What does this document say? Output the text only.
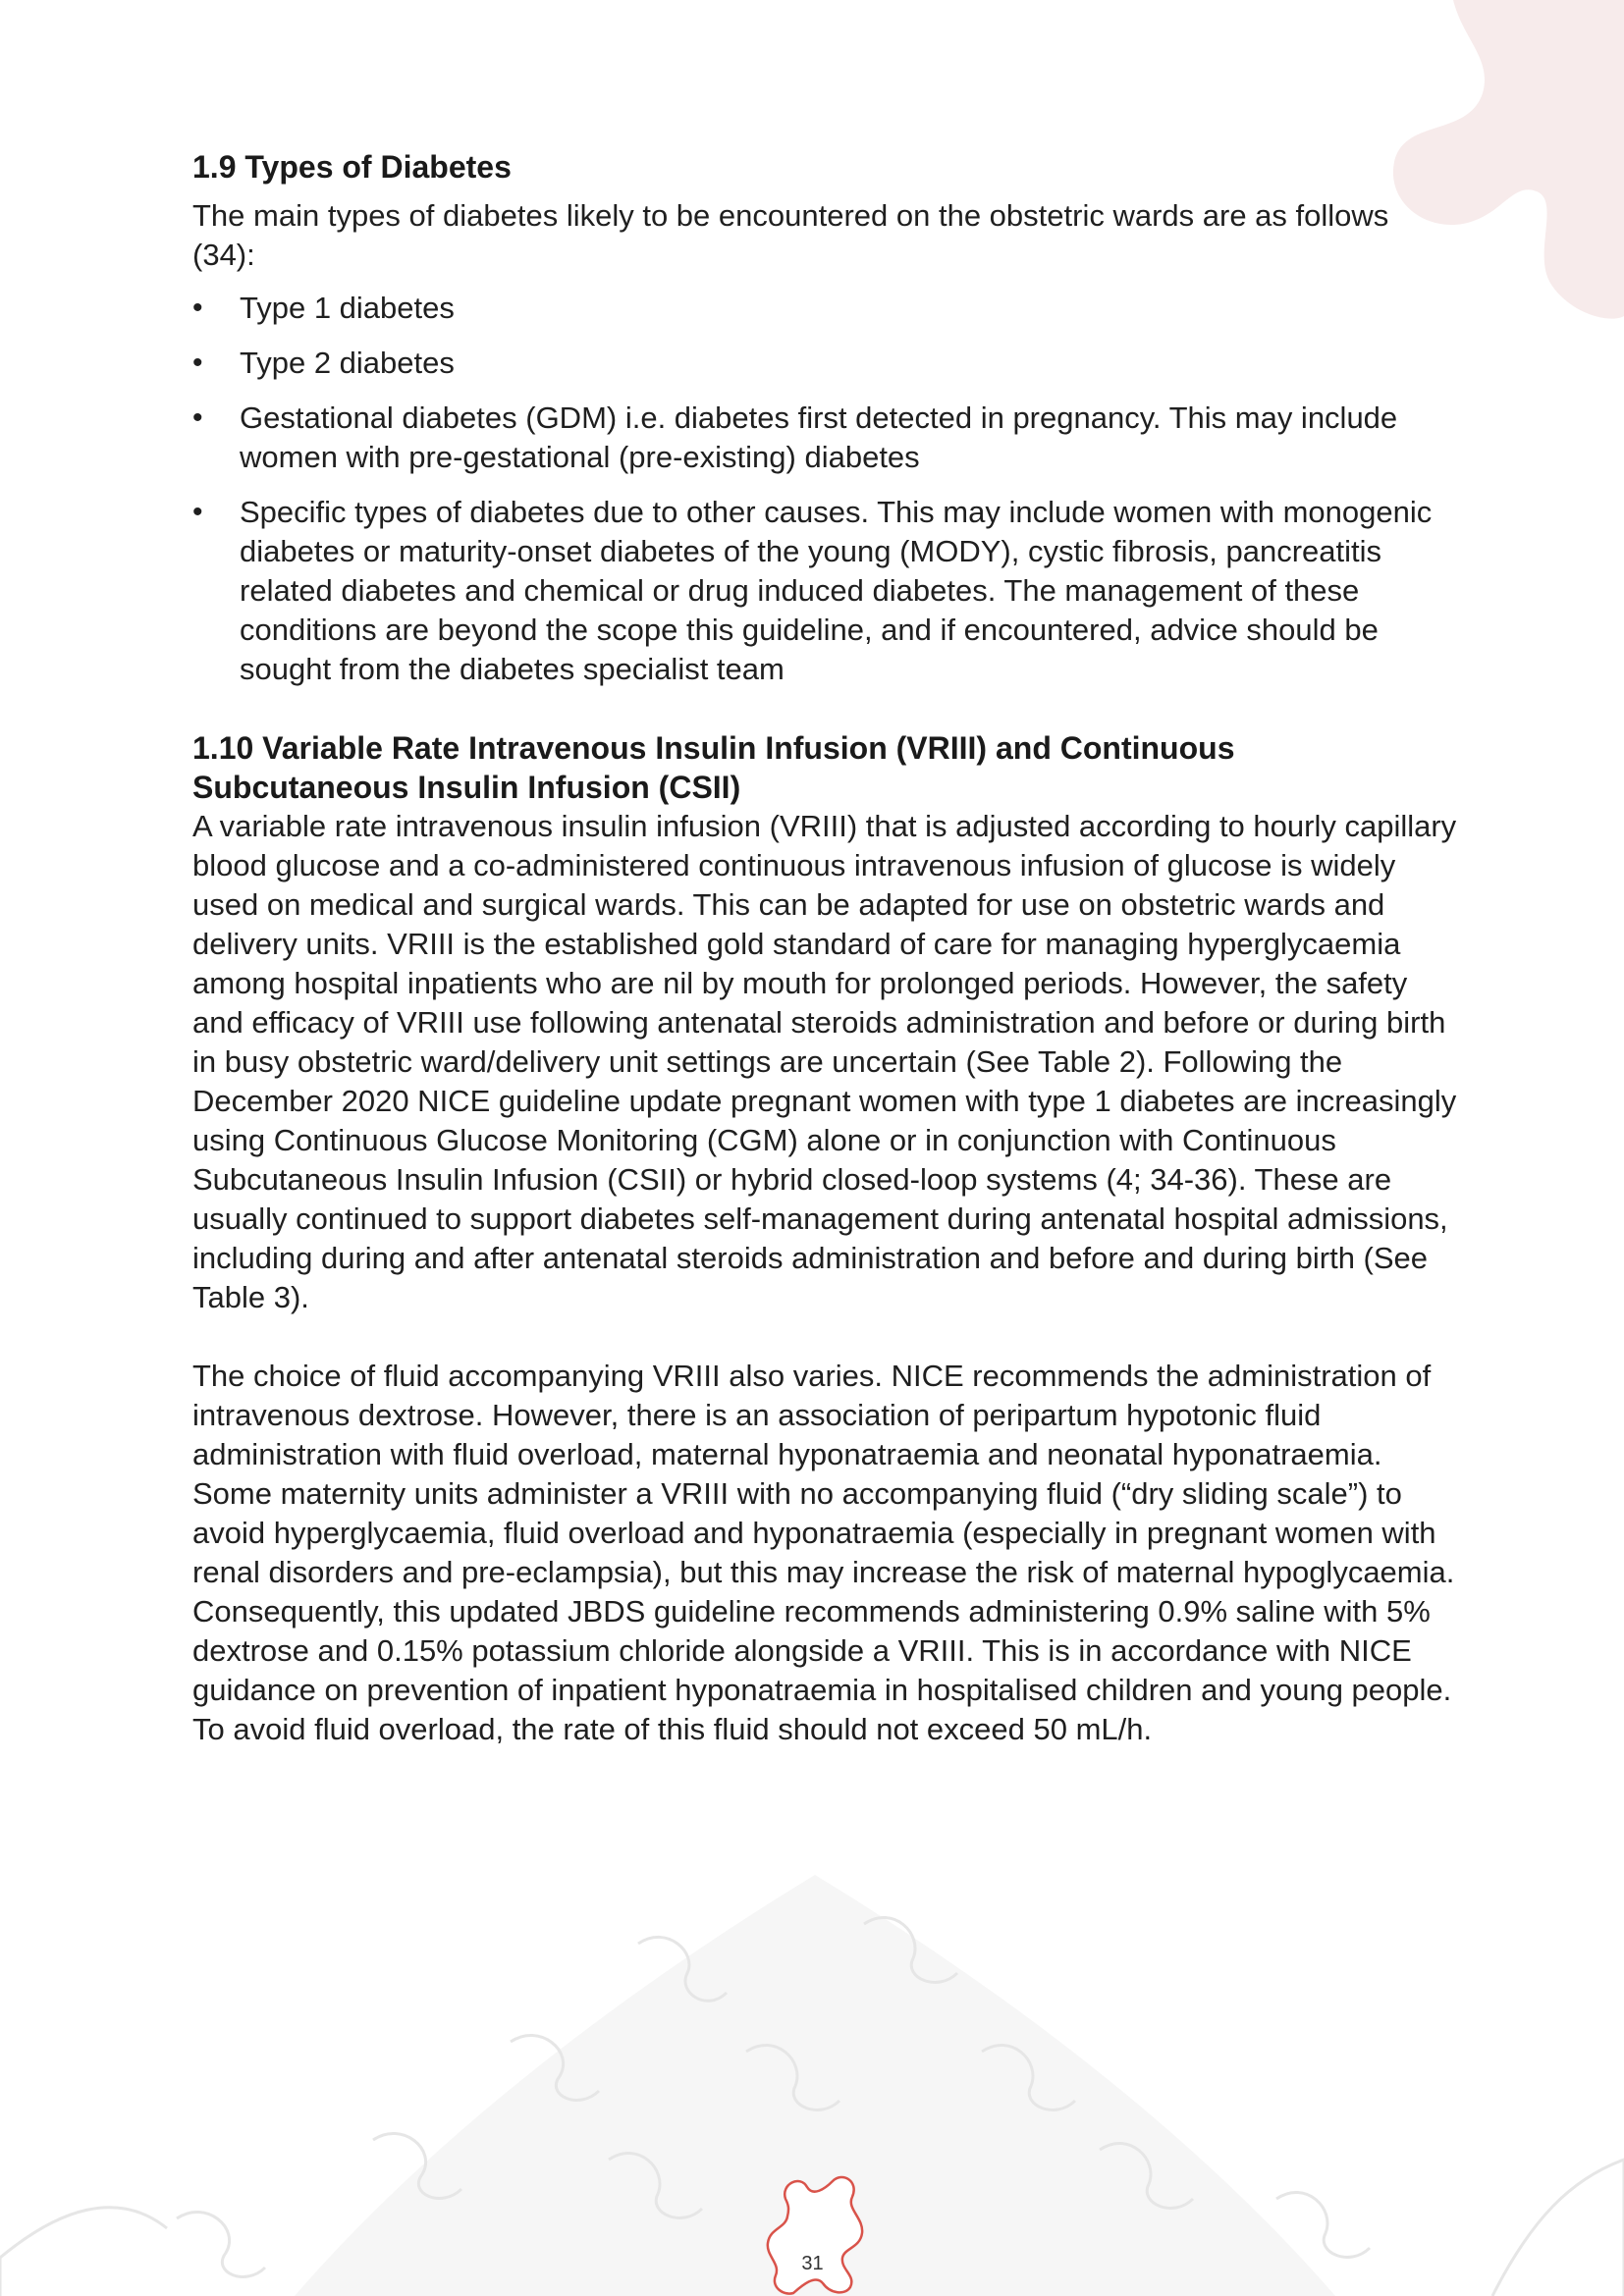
1.9 Types of Diabetes

The main types of diabetes likely to be encountered on the obstetric wards are as follows (34):

• Type 1 diabetes
• Type 2 diabetes
• Gestational diabetes (GDM) i.e. diabetes first detected in pregnancy. This may include women with pre-gestational (pre-existing) diabetes
• Specific types of diabetes due to other causes. This may include women with monogenic diabetes or maturity-onset diabetes of the young (MODY), cystic fibrosis, pancreatitis related diabetes and chemical or drug induced diabetes. The management of these conditions are beyond the scope this guideline, and if encountered, advice should be sought from the diabetes specialist team
1.10 Variable Rate Intravenous Insulin Infusion (VRIII) and Continuous Subcutaneous Insulin Infusion (CSII)

A variable rate intravenous insulin infusion (VRIII) that is adjusted according to hourly capillary blood glucose and a co-administered continuous intravenous infusion of glucose is widely used on medical and surgical wards. This can be adapted for use on obstetric wards and delivery units. VRIII is the established gold standard of care for managing hyperglycaemia among hospital inpatients who are nil by mouth for prolonged periods. However, the safety and efficacy of VRIII use following antenatal steroids administration and before or during birth in busy obstetric ward/delivery unit settings are uncertain (See Table 2). Following the December 2020 NICE guideline update pregnant women with type 1 diabetes are increasingly using Continuous Glucose Monitoring (CGM) alone or in conjunction with Continuous Subcutaneous Insulin Infusion (CSII) or hybrid closed-loop systems (4; 34-36). These are usually continued to support diabetes self-management during antenatal hospital admissions, including during and after antenatal steroids administration and before and during birth (See Table 3).

The choice of fluid accompanying VRIII also varies. NICE recommends the administration of intravenous dextrose. However, there is an association of peripartum hypotonic fluid administration with fluid overload, maternal hyponatraemia and neonatal hyponatraemia. Some maternity units administer a VRIII with no accompanying fluid (“dry sliding scale”) to avoid hyperglycaemia, fluid overload and hyponatraemia (especially in pregnant women with renal disorders and pre-eclampsia), but this may increase the risk of maternal hypoglycaemia. Consequently, this updated JBDS guideline recommends administering 0.9% saline with 5% dextrose and 0.15% potassium chloride alongside a VRIII. This is in accordance with NICE guidance on prevention of inpatient hyponatraemia in hospitalised children and young people. To avoid fluid overload, the rate of this fluid should not exceed 50 mL/h.

31
